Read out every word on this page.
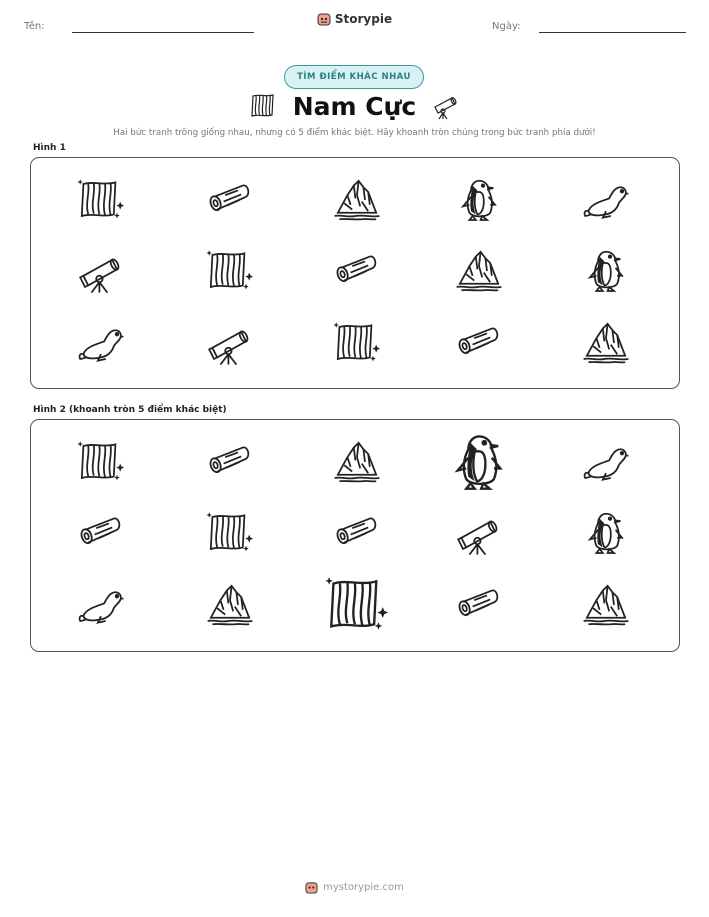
Tên:
Storypie
Ngày:
TÌM ĐIỂM KHÁC NHAU
Nam Cực
Hai bức tranh trông giống nhau, nhưng có 5 điểm khác biệt. Hãy khoanh tròn chúng trong bức tranh phía dưới!
Hình 1
Hình 2 (khoanh tròn 5 điểm khác biệt)
mystorypie.com
